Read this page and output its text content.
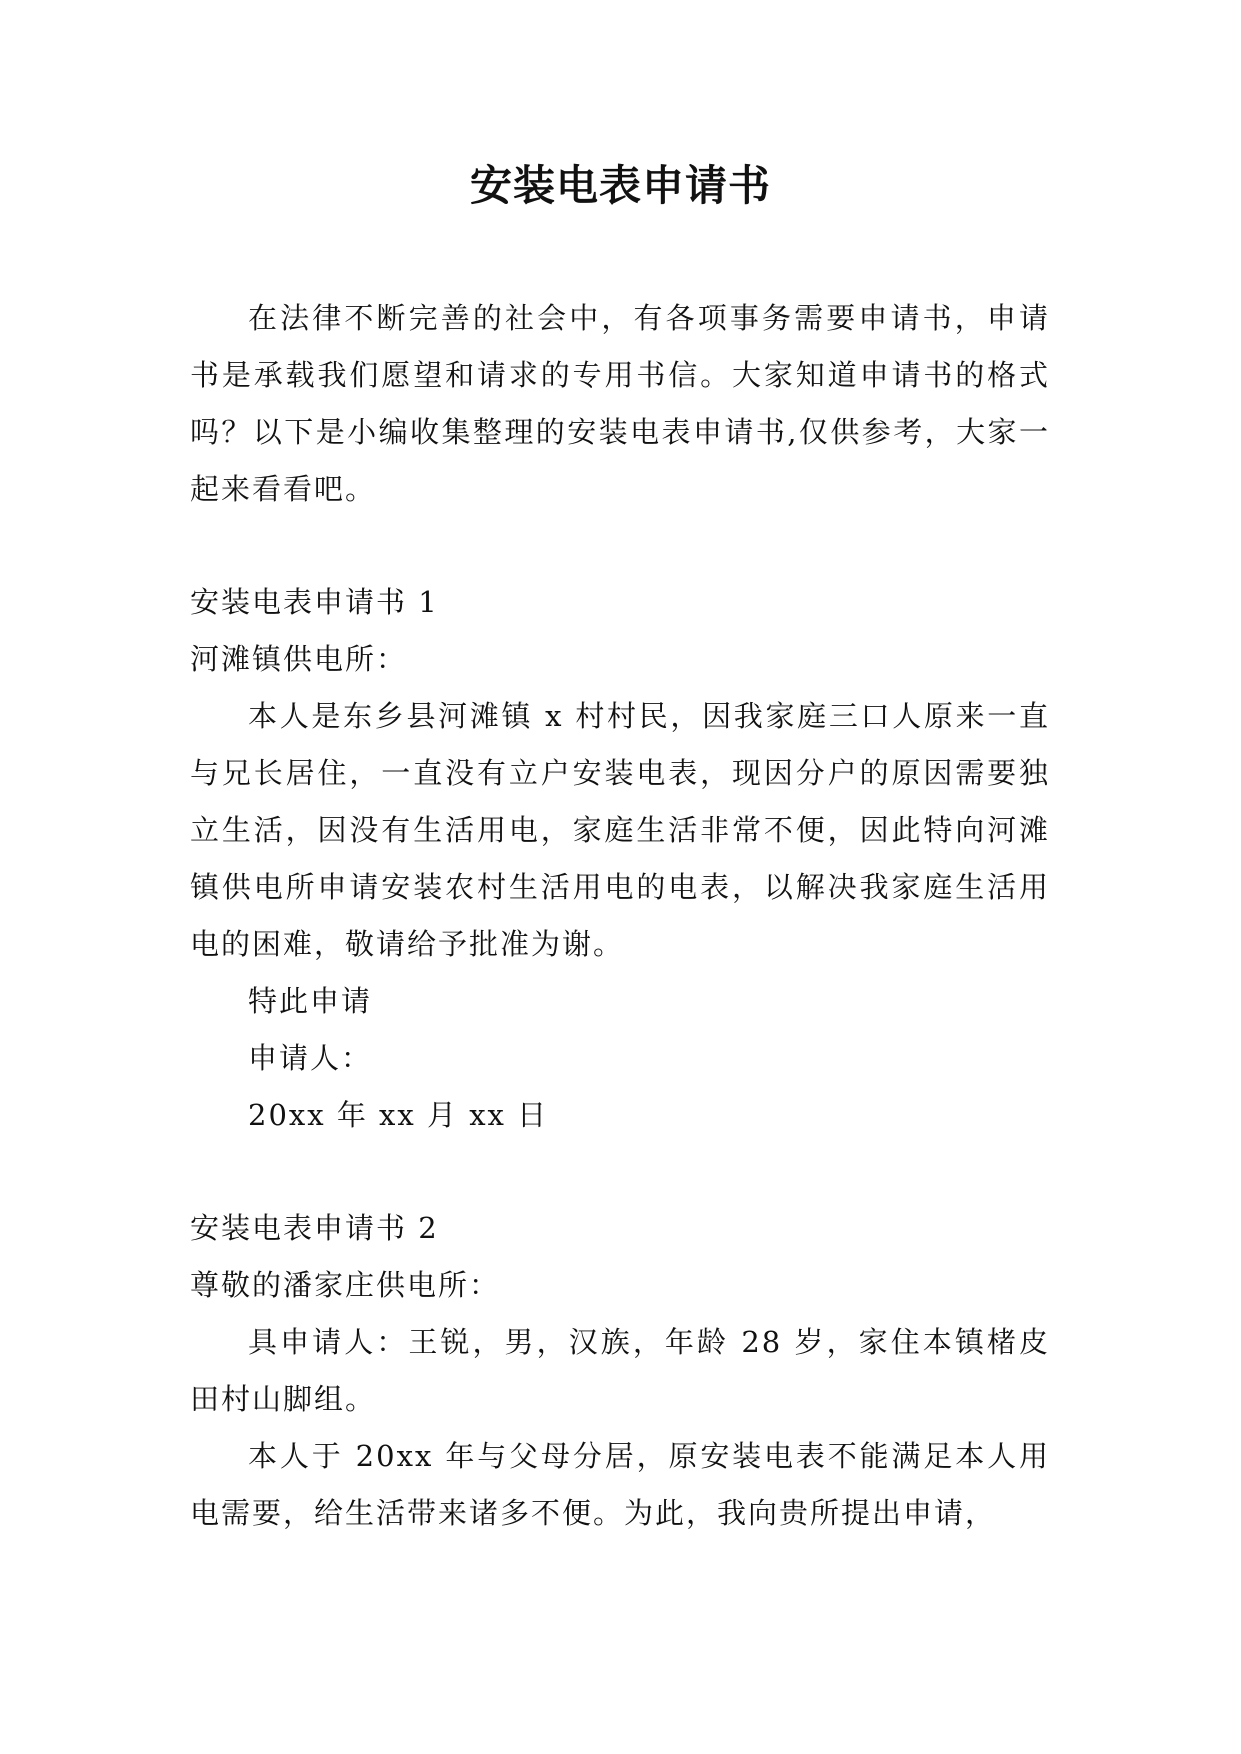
安装电表申请书

在法律不断完善的社会中，有各项事务需要申请书，申请书是承载我们愿望和请求的专用书信。大家知道申请书的格式吗？以下是小编收集整理的安装电表申请书,仅供参考，大家一起来看看吧。

安装电表申请书 1

河滩镇供电所：

本人是东乡县河滩镇 x 村村民，因我家庭三口人原来一直与兄长居住，一直没有立户安装电表，现因分户的原因需要独立生活，因没有生活用电，家庭生活非常不便，因此特向河滩镇供电所申请安装农村生活用电的电表，以解决我家庭生活用电的困难，敬请给予批准为谢。

特此申请

申请人：

20xx 年 xx 月 xx 日

安装电表申请书 2

尊敬的潘家庄供电所：

具申请人：王锐，男，汉族，年龄 28 岁，家住本镇楮皮田村山脚组。

本人于 20xx 年与父母分居，原安装电表不能满足本人用电需要，给生活带来诸多不便。为此，我向贵所提出申请，
